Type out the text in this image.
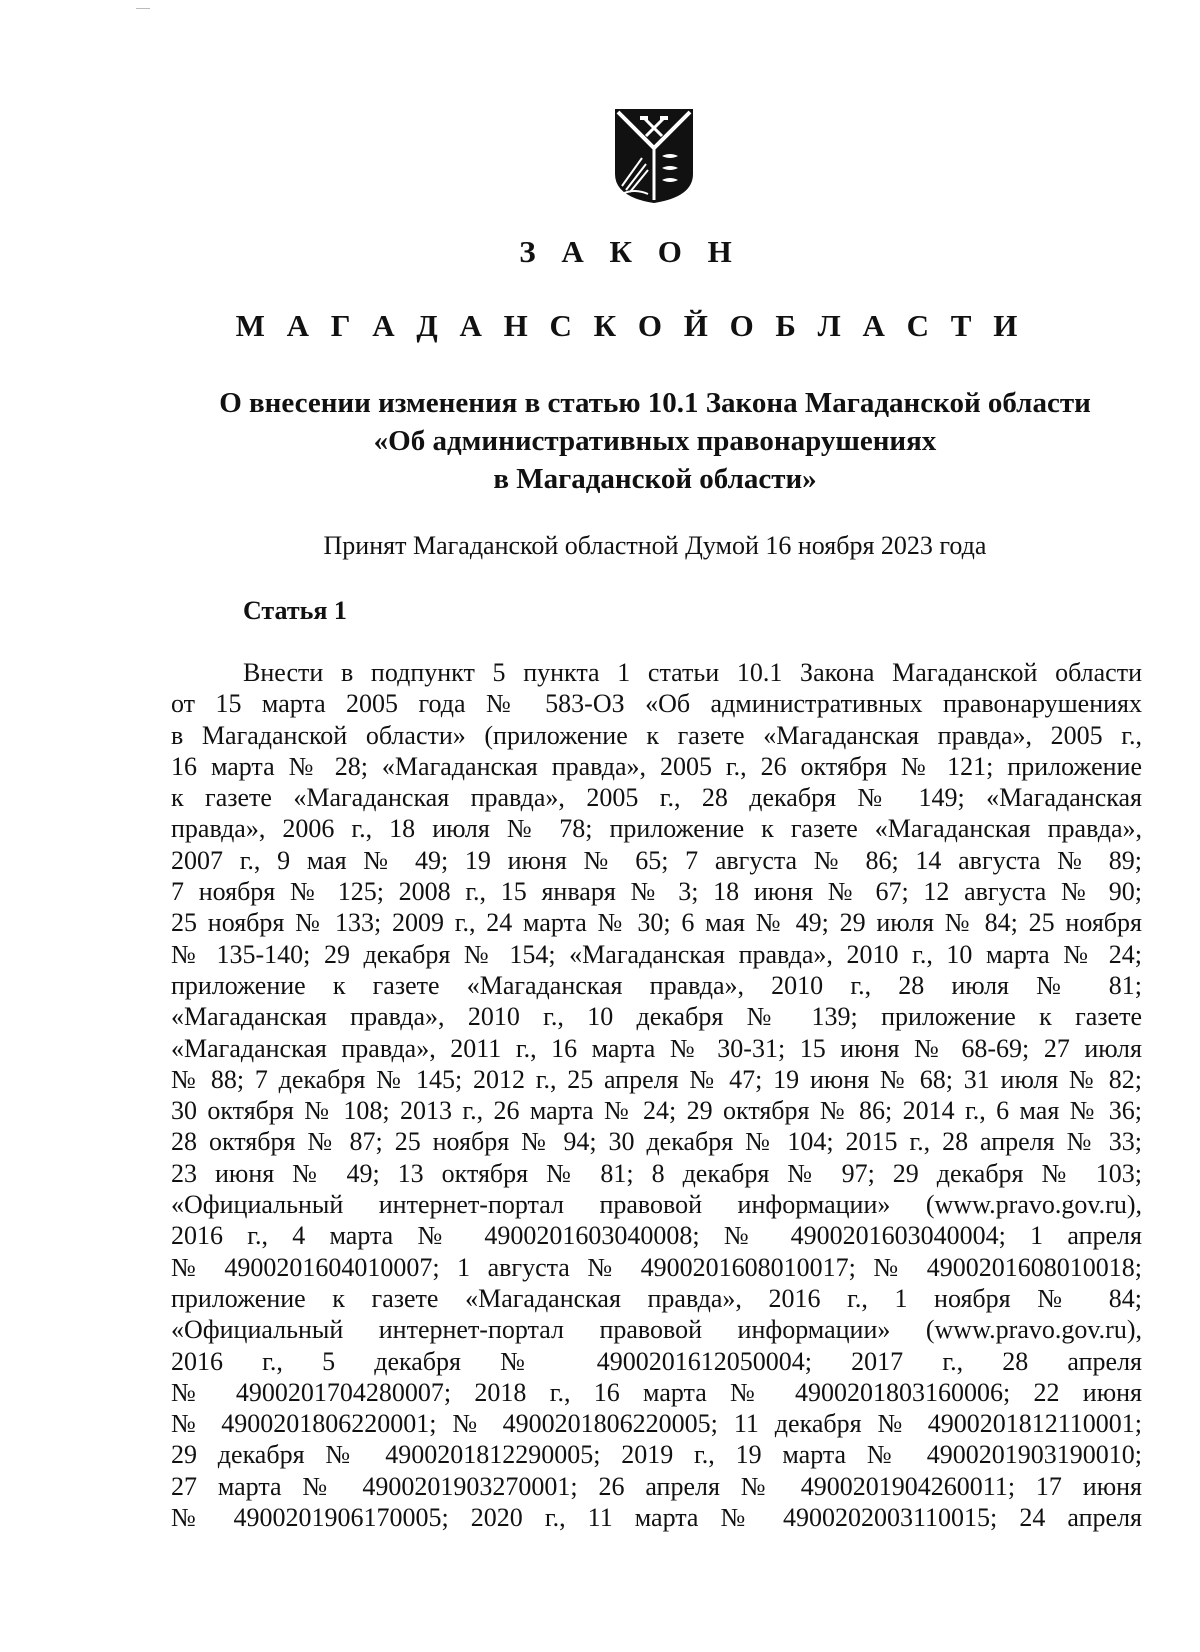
З А К О Н
М А Г А Д А Н С К О Й О Б Л А С Т И
О внесении изменения в статью 10.1 Закона Магаданской области
«Об административных правонарушениях
в Магаданской области»
Принят Магаданской областной Думой 16 ноября 2023 года
Статья 1
Внести в подпункт 5 пункта 1 статьи 10.1 Закона Магаданской области
от 15 марта 2005 года № 583-ОЗ «Об административных правонарушениях
в Магаданской области» (приложение к газете «Магаданская правда», 2005 г.,
16 марта № 28; «Магаданская правда», 2005 г., 26 октября № 121; приложение
к газете «Магаданская правда», 2005 г., 28 декабря № 149; «Магаданская
правда», 2006 г., 18 июля № 78; приложение к газете «Магаданская правда»,
2007 г., 9 мая № 49; 19 июня № 65; 7 августа № 86; 14 августа № 89;
7 ноября № 125; 2008 г., 15 января № 3; 18 июня № 67; 12 августа № 90;
25 ноября № 133; 2009 г., 24 марта № 30; 6 мая № 49; 29 июля № 84; 25 ноября
№ 135-140; 29 декабря № 154; «Магаданская правда», 2010 г., 10 марта № 24;
приложение к газете «Магаданская правда», 2010 г., 28 июля № 81;
«Магаданская правда», 2010 г., 10 декабря № 139; приложение к газете
«Магаданская правда», 2011 г., 16 марта № 30-31; 15 июня № 68-69; 27 июля
№ 88; 7 декабря № 145; 2012 г., 25 апреля № 47; 19 июня № 68; 31 июля № 82;
30 октября № 108; 2013 г., 26 марта № 24; 29 октября № 86; 2014 г., 6 мая № 36;
28 октября № 87; 25 ноября № 94; 30 декабря № 104; 2015 г., 28 апреля № 33;
23 июня № 49; 13 октября № 81; 8 декабря № 97; 29 декабря № 103;
«Официальный интернет-портал правовой информации» (www.pravo.gov.ru),
2016 г., 4 марта № 4900201603040008; № 4900201603040004; 1 апреля
№ 4900201604010007; 1 августа № 4900201608010017; № 4900201608010018;
приложение к газете «Магаданская правда», 2016 г., 1 ноября № 84;
«Официальный интернет-портал правовой информации» (www.pravo.gov.ru),
2016 г., 5 декабря № 4900201612050004; 2017 г., 28 апреля
№ 4900201704280007; 2018 г., 16 марта № 4900201803160006; 22 июня
№ 4900201806220001; № 4900201806220005; 11 декабря № 4900201812110001;
29 декабря № 4900201812290005; 2019 г., 19 марта № 4900201903190010;
27 марта № 4900201903270001; 26 апреля № 4900201904260011; 17 июня
№ 4900201906170005; 2020 г., 11 марта № 4900202003110015; 24 апреля
